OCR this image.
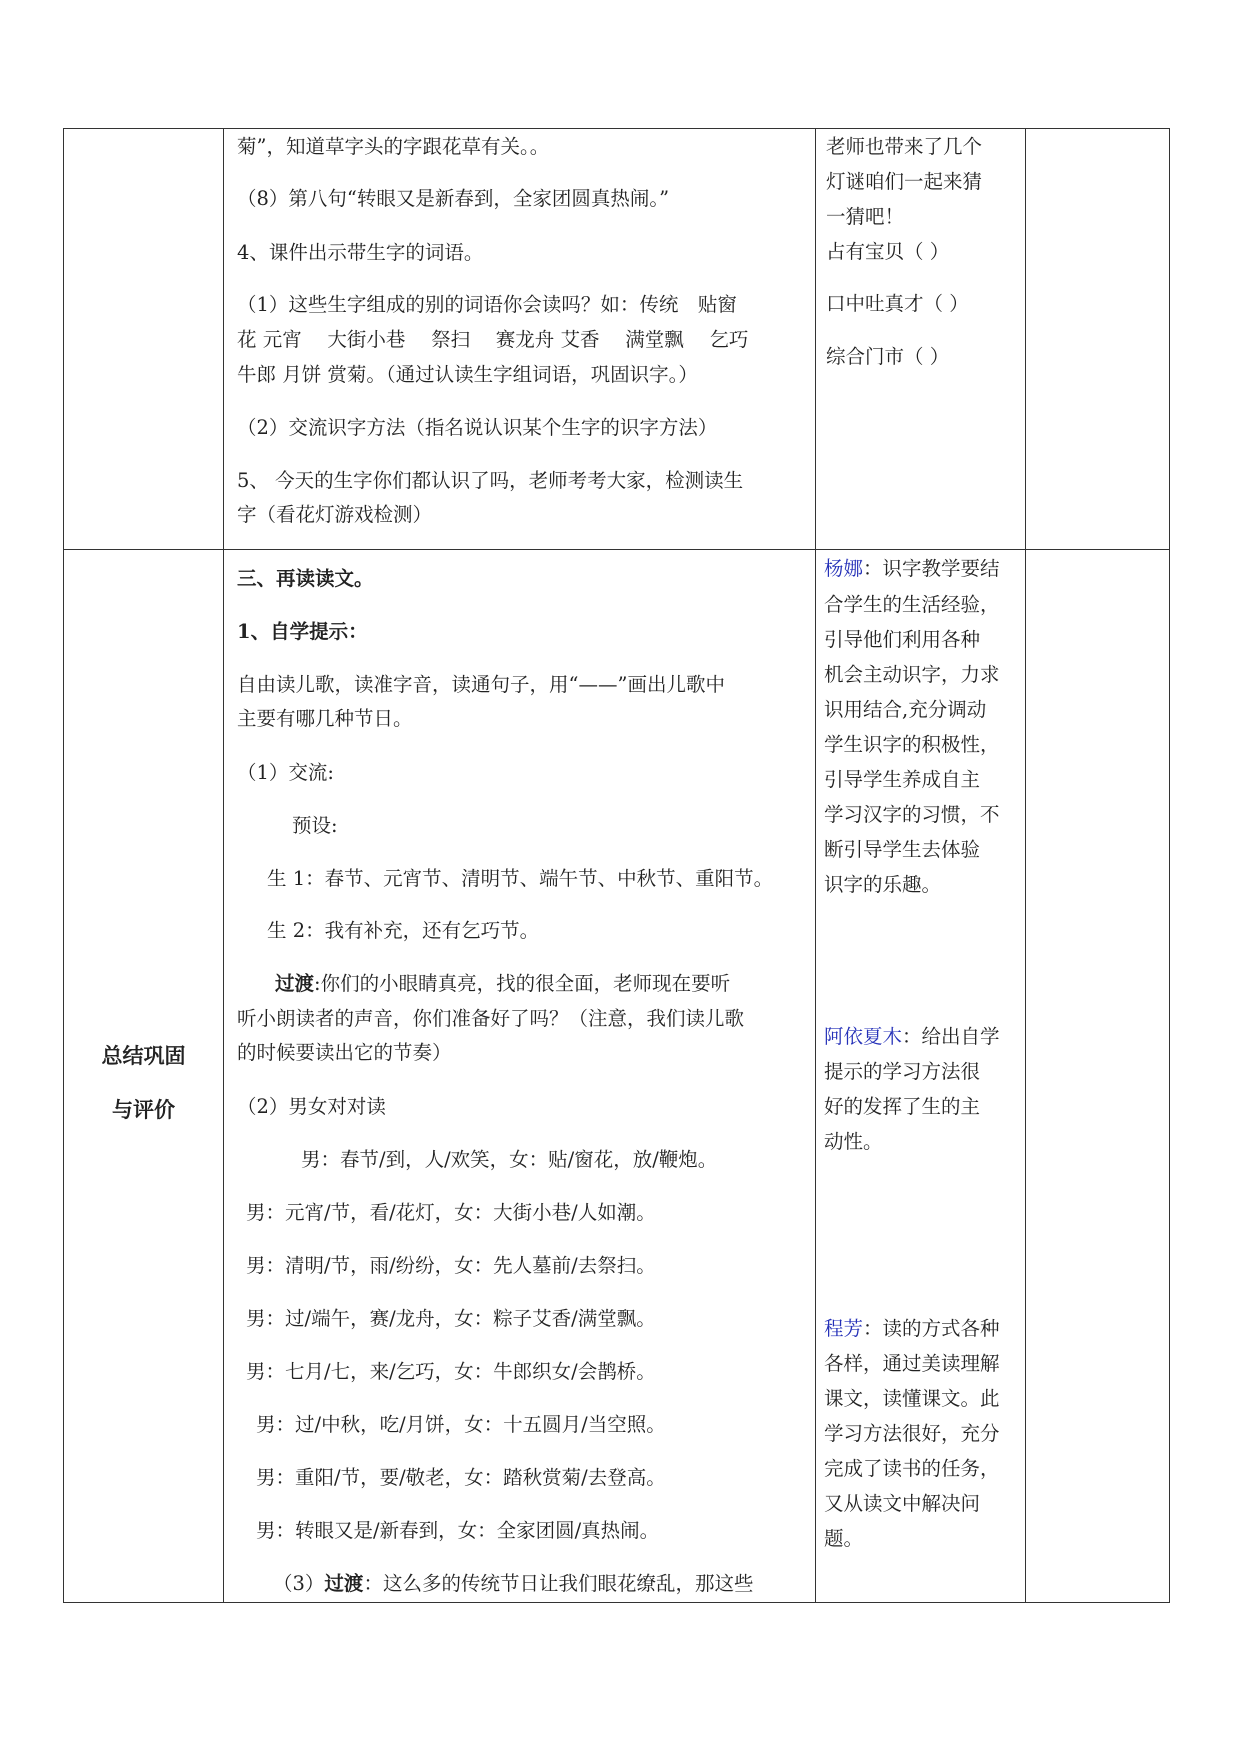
菊”，知道草字头的字跟花草有关。。
（8）第八句“转眼又是新春到，全家团圆真热闹。”
4、课件出示带生字的词语。
（1）这些生字组成的别的词语你会读吗？如：传统　贴窗
花 元宵　 大街小巷　 祭扫　 赛龙舟 艾香　 满堂飘　 乞巧
牛郎 月饼 赏菊。（通过认读生字组词语，巩固识字。）
（2）交流识字方法（指名说认识某个生字的识字方法）
5、 今天的生字你们都认识了吗，老师考考大家，检测读生
字（看花灯游戏检测）
老师也带来了几个
灯谜咱们一起来猜
一猜吧！
占有宝贝（ ）
口中吐真才（ ）
综合门市（ ）
总结巩固
与评价
三、再读读文。
1、自学提示：
自由读儿歌，读准字音，读通句子，用“——”画出儿歌中
主要有哪几种节日。
（1）交流:
预设:
生 1：春节、元宵节、清明节、端午节、中秋节、重阳节。
生 2：我有补充，还有乞巧节。
过渡:你们的小眼睛真亮，找的很全面，老师现在要听
听小朗读者的声音，你们准备好了吗？（注意，我们读儿歌
的时候要读出它的节奏）
（2）男女对对读
男：春节/到，人/欢笑，女：贴/窗花，放/鞭炮。
男：元宵/节，看/花灯，女：大街小巷/人如潮。
男：清明/节，雨/纷纷，女：先人墓前/去祭扫。
男：过/端午，赛/龙舟，女：粽子艾香/满堂飘。
男：七月/七，来/乞巧，女：牛郎织女/会鹊桥。
男：过/中秋，吃/月饼，女：十五圆月/当空照。
男：重阳/节，要/敬老，女：踏秋赏菊/去登高。
男：转眼又是/新春到，女：全家团圆/真热闹。
（3）过渡：这么多的传统节日让我们眼花缭乱，那这些
杨娜：识字教学要结
合学生的生活经验，
引导他们利用各种
机会主动识字，力求
识用结合,充分调动
学生识字的积极性，
引导学生养成自主
学习汉字的习惯，不
断引导学生去体验
识字的乐趣。
阿依夏木：给出自学
提示的学习方法很
好的发挥了生的主
动性。
程芳：读的方式各种
各样，通过美读理解
课文，读懂课文。此
学习方法很好，充分
完成了读书的任务，
又从读文中解决问
题。
